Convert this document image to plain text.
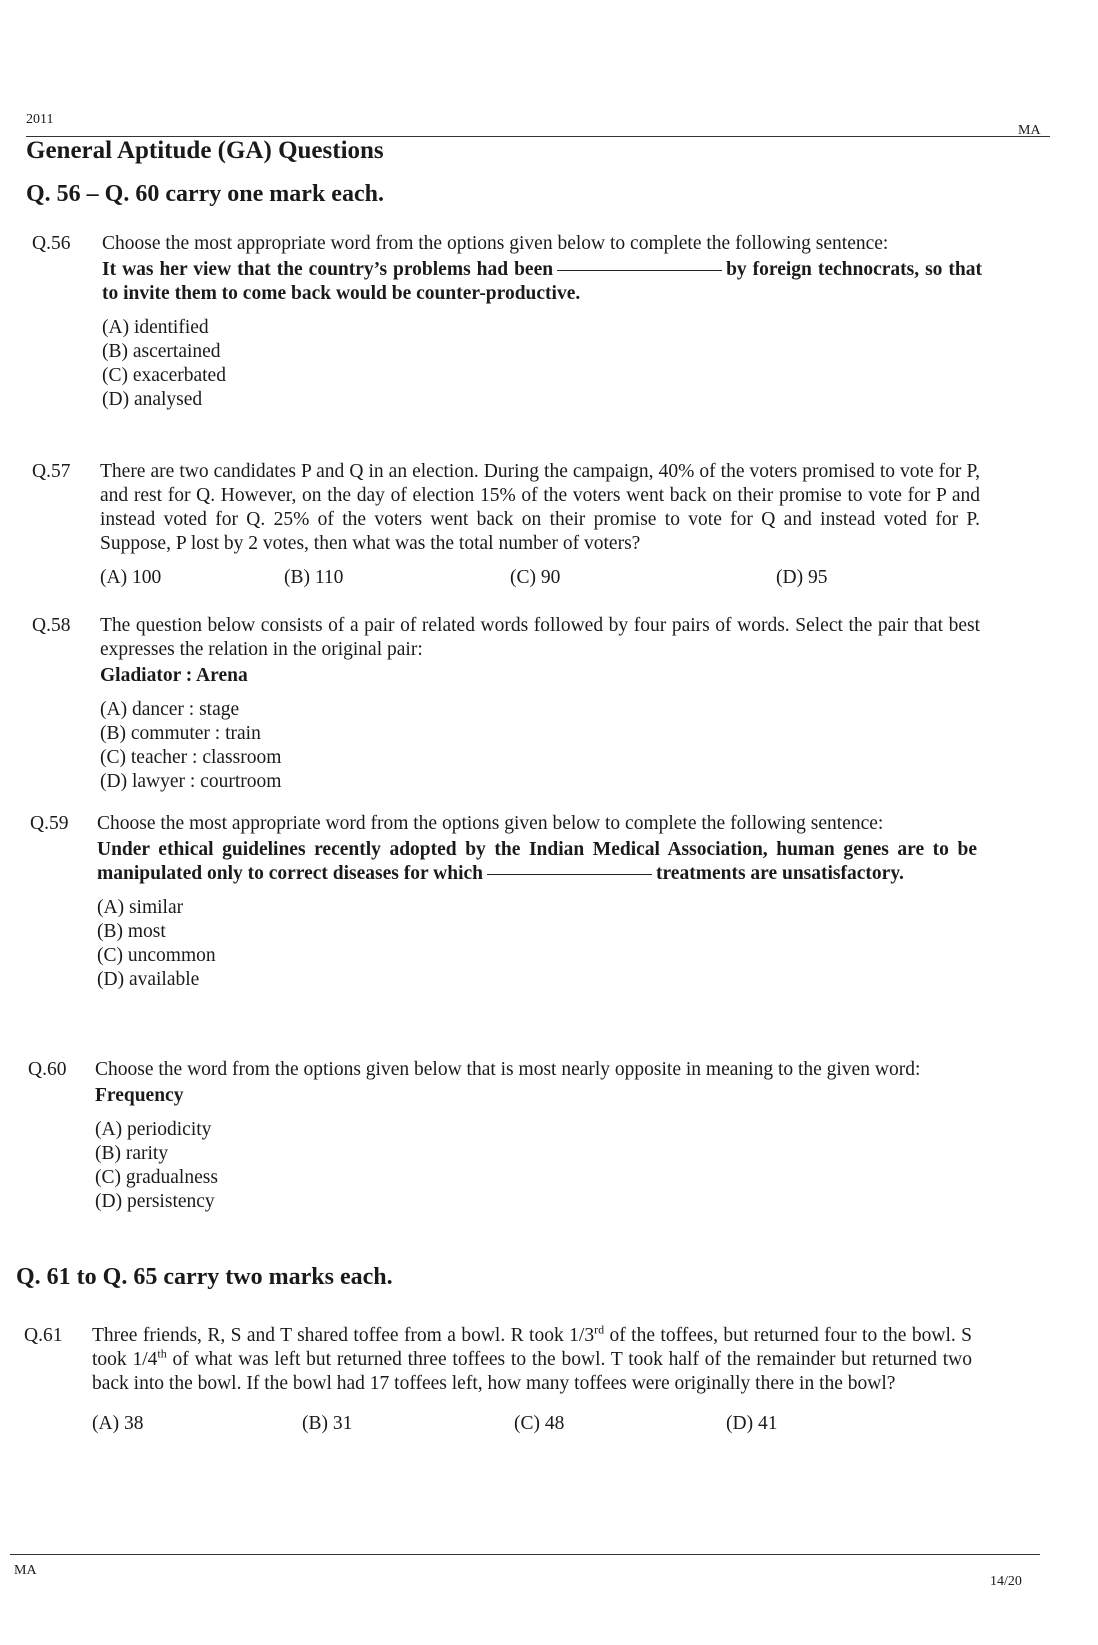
2011
MA
General Aptitude (GA) Questions
Q. 56 – Q. 60 carry one mark each.
Q.56 Choose the most appropriate word from the options given below to complete the following sentence:

It was her view that the country’s problems had been	by foreign technocrats, so that to invite them to come back would be counter-productive.

(A) identified
(B) ascertained
(C) exacerbated
(D) analysed
Q.57 There are two candidates P and Q in an election. During the campaign, 40% of the voters promised to vote for P, and rest for Q. However, on the day of election 15% of the voters went back on their promise to vote for P and instead voted for Q. 25% of the voters went back on their promise to vote for Q and instead voted for P. Suppose, P lost by 2 votes, then what was the total number of voters?

(A) 100	(B) 110	(C) 90	(D) 95
Q.58 The question below consists of a pair of related words followed by four pairs of words. Select the pair that best expresses the relation in the original pair:

Gladiator : Arena

(A) dancer : stage
(B) commuter : train
(C) teacher : classroom
(D) lawyer : courtroom
Q.59 Choose the most appropriate word from the options given below to complete the following sentence:

Under ethical guidelines recently adopted by the Indian Medical Association, human genes are to be manipulated only to correct diseases for which	treatments are unsatisfactory.

(A) similar
(B) most
(C) uncommon
(D) available
Q.60 Choose the word from the options given below that is most nearly opposite in meaning to the given word:

Frequency

(A) periodicity
(B) rarity
(C) gradualness
(D) persistency
Q. 61 to Q. 65 carry two marks each.
Q.61 Three friends, R, S and T shared toffee from a bowl. R took 1/3rd of the toffees, but returned four to the bowl. S took 1/4th of what was left but returned three toffees to the bowl. T took half of the remainder but returned two back into the bowl. If the bowl had 17 toffees left, how many toffees were originally there in the bowl?

(A) 38	(B) 31	(C) 48	(D) 41
MA
14/20
